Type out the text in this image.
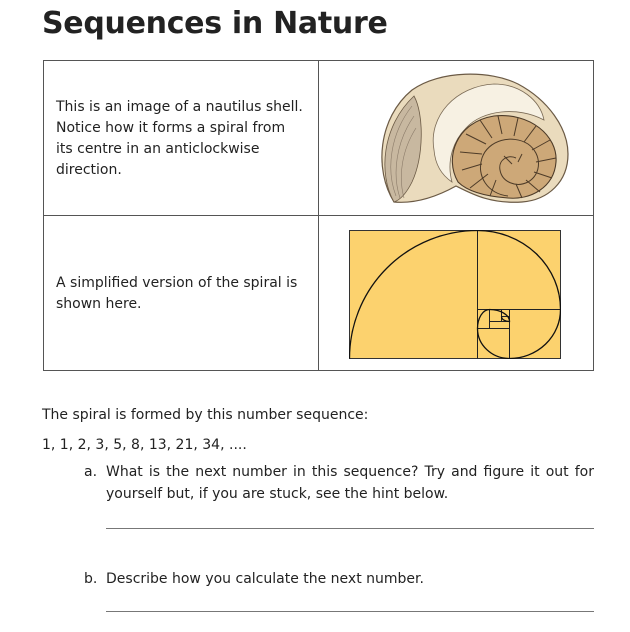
Sequences in Nature
This is an image of a nautilus shell. Notice how it forms a spiral from its centre in an anticlockwise direction.
A simplified version of the spiral is shown here.
The spiral is formed by this number sequence:
1, 1, 2, 3, 5, 8, 13, 21, 34, ....
a. What is the next number in this sequence? Try and figure it out for yourself but, if you are stuck, see the hint below.
b. Describe how you calculate the next number.
